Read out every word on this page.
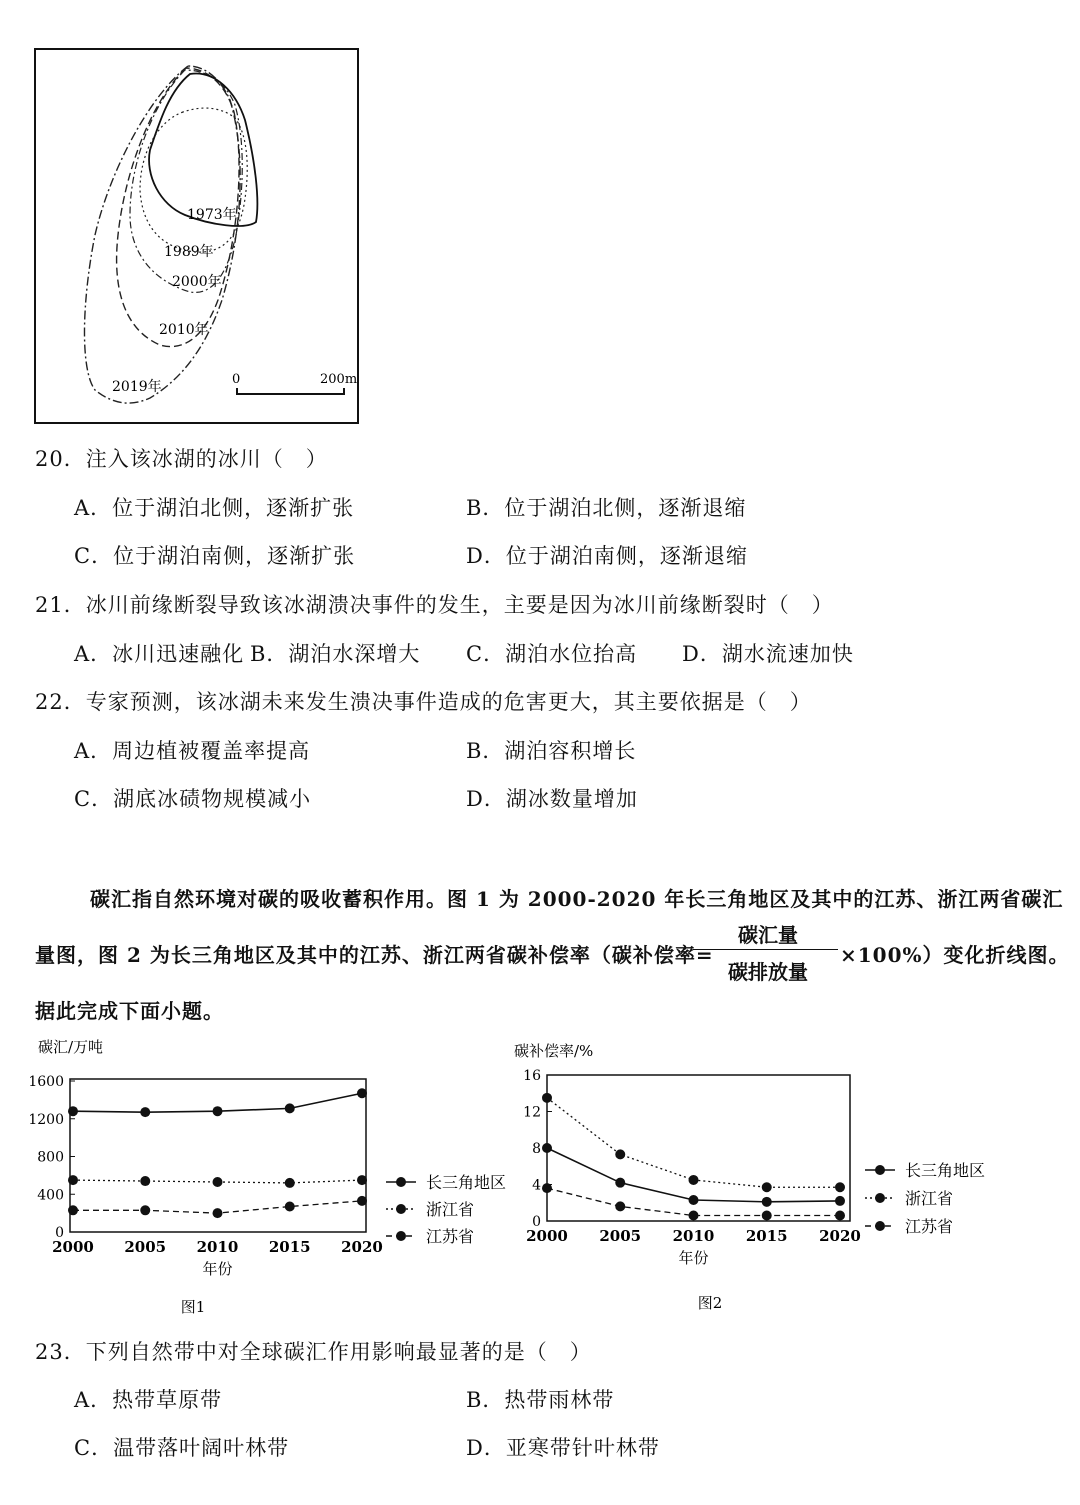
1973年
1989年
2000年
2010年
2019年	0	200m
20．注入该冰湖的冰川（　）
A．位于湖泊北侧，逐渐扩张	B．位于湖泊北侧，逐渐退缩
C．位于湖泊南侧，逐渐扩张	D．位于湖泊南侧，逐渐退缩
21．冰川前缘断裂导致该冰湖溃决事件的发生，主要是因为冰川前缘断裂时（　）
A．冰川迅速融化 B．湖泊水深增大 C．湖泊水位抬高 D．湖水流速加快
22．专家预测，该冰湖未来发生溃决事件造成的危害更大，其主要依据是（　）
A．周边植被覆盖率提高	B．湖泊容积增长
C．湖底冰碛物规模减小	D．湖冰数量增加
碳汇指自然环境对碳的吸收蓄积作用。图 1 为 2000-2020 年长三角地区及其中的江苏、浙江两省碳汇
量图，图 2 为长三角地区及其中的江苏、浙江两省碳补偿率（碳补偿率=
碳汇量
碳排放量
×100%）变化折线图。
据此完成下面小题。
碳汇/万吨
0
400
800
1200
1600
2000 2005 2010 2015 2020
年份
图1
长三角地区
浙江省
江苏省
碳补偿率/%
0
4
8
12
16
2000 2005 2010 2015 2020
年份
图2
长三角地区
浙江省
江苏省
23．下列自然带中对全球碳汇作用影响最显著的是（　）
A．热带草原带	B．热带雨林带
C．温带落叶阔叶林带	D．亚寒带针叶林带
